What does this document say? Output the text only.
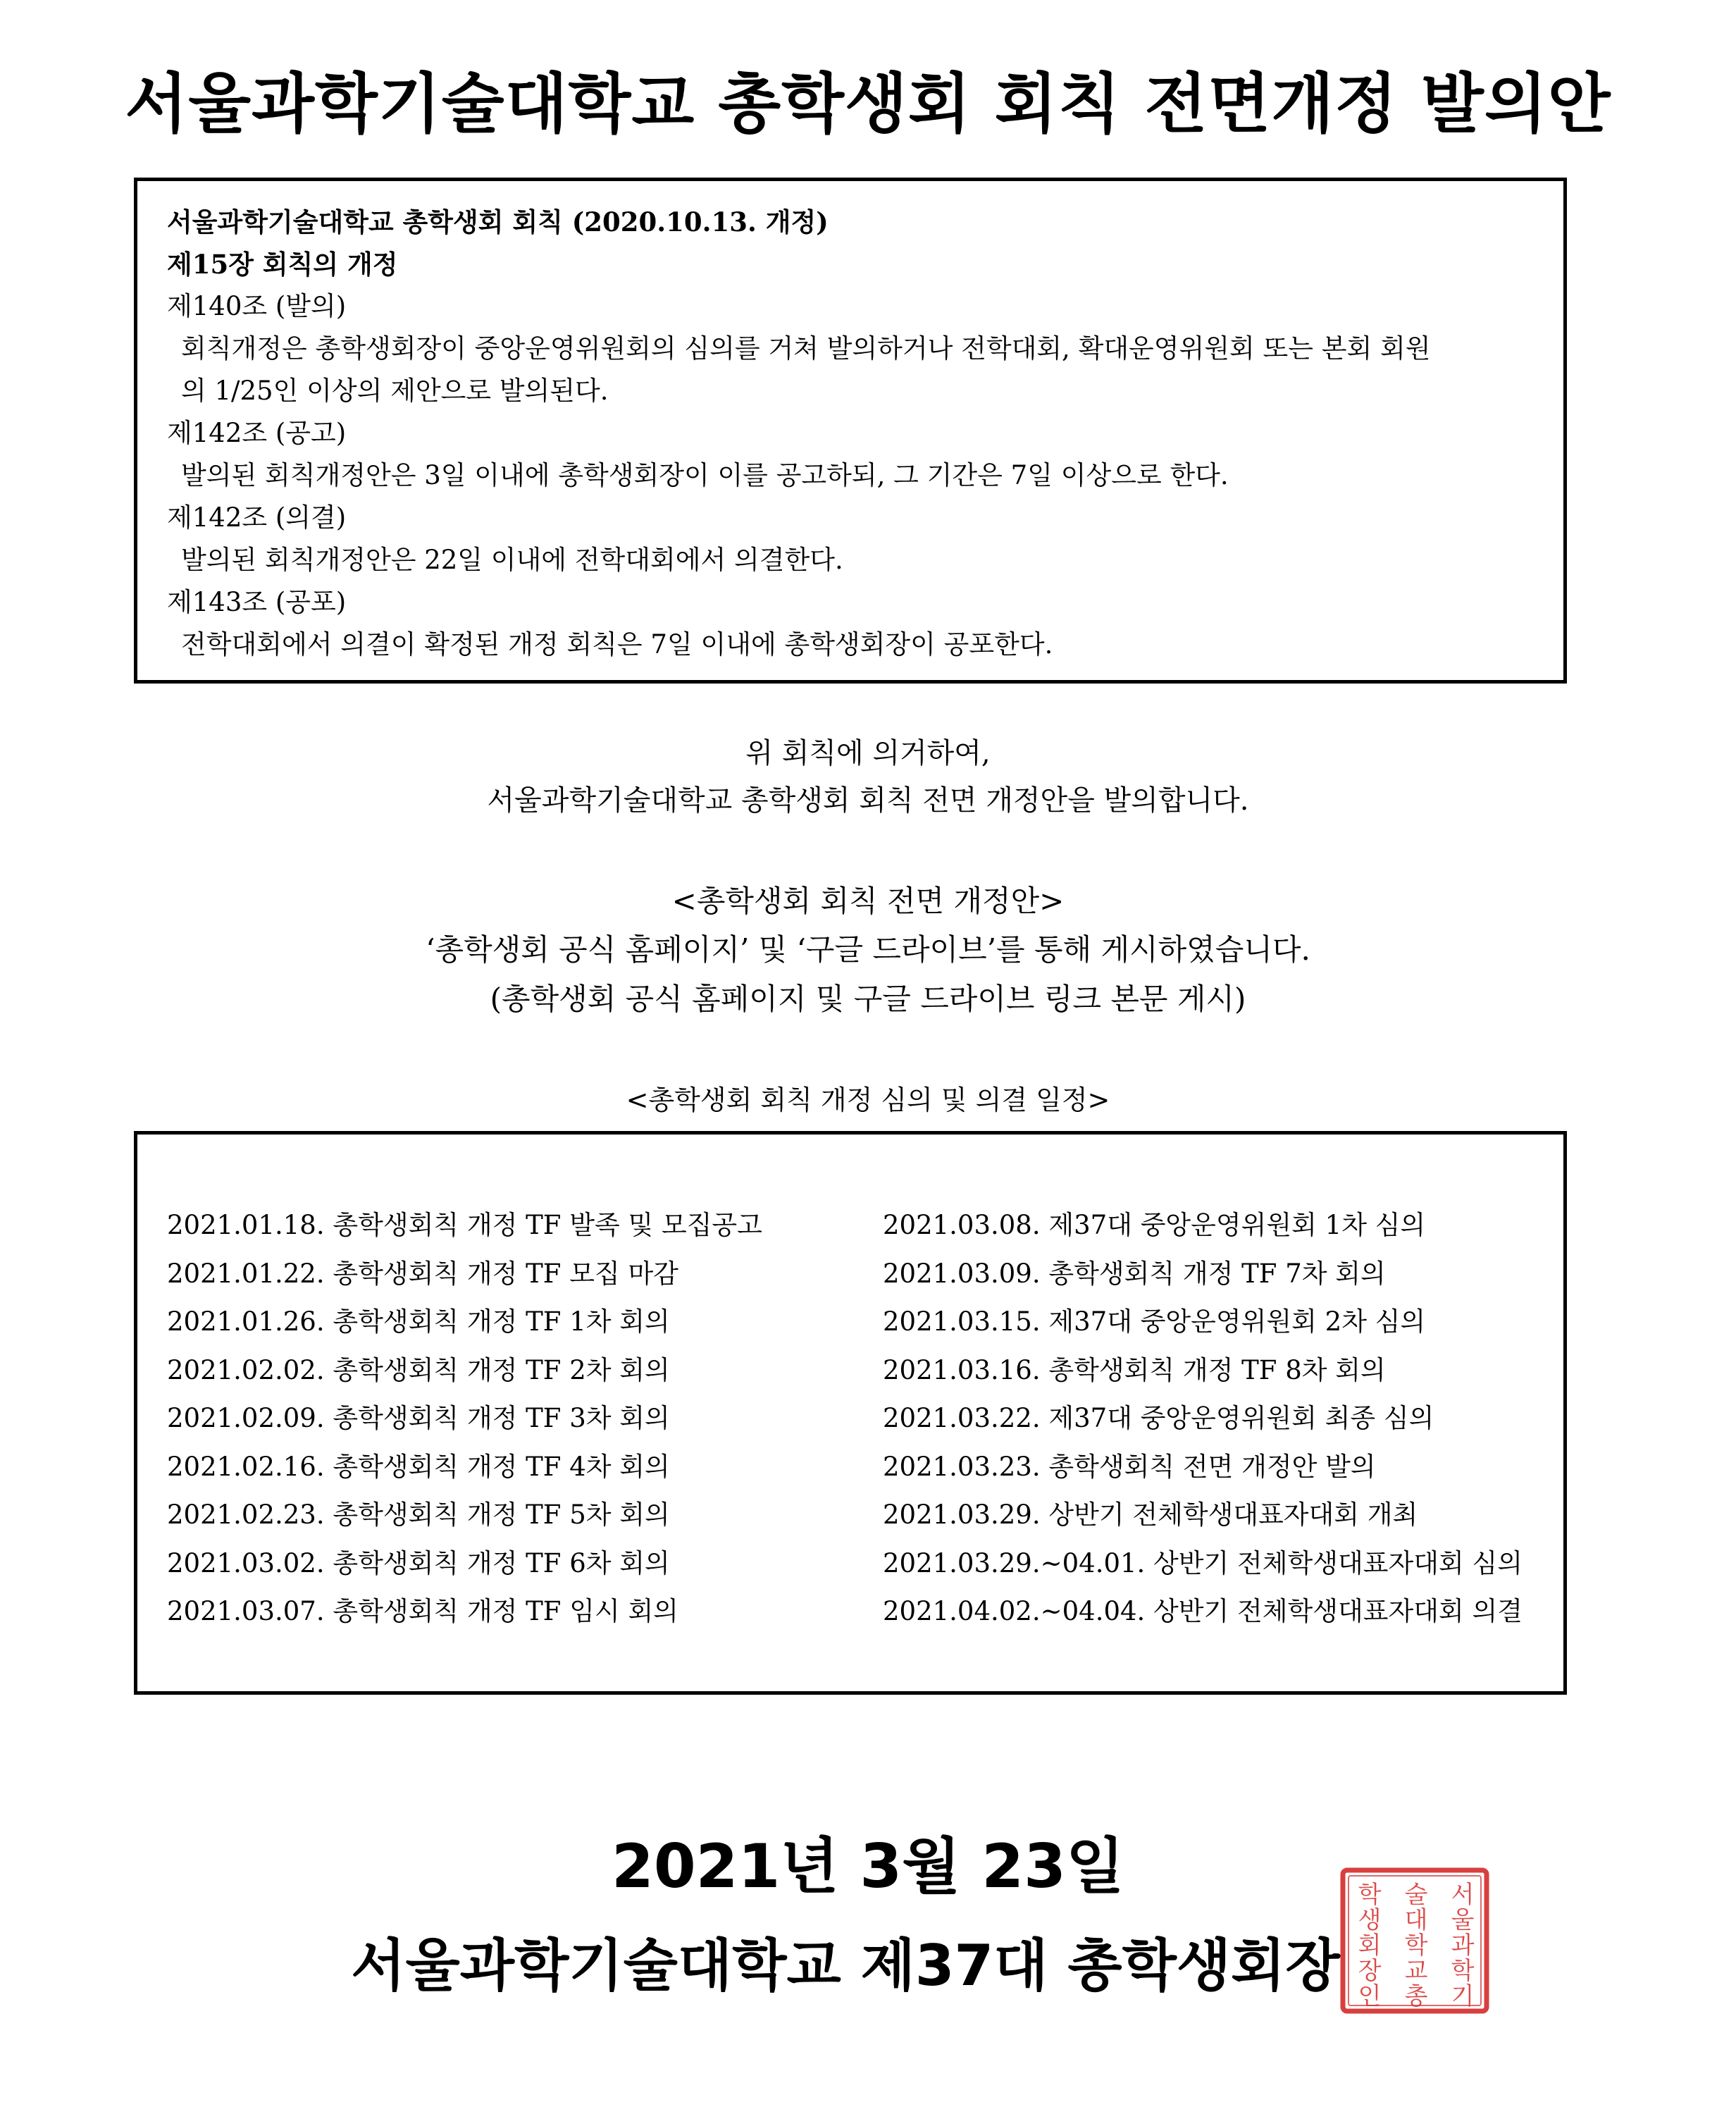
서울과학기술대학교 총학생회 회칙 전면개정 발의안
서울과학기술대학교 총학생회 회칙 (2020.10.13. 개정)
제15장 회칙의 개정
제140조 (발의)
회칙개정은 총학생회장이 중앙운영위원회의 심의를 거쳐 발의하거나 전학대회, 확대운영위원회 또는 본회 회원
의 1/25인 이상의 제안으로 발의된다.
제142조 (공고)
발의된 회칙개정안은 3일 이내에 총학생회장이 이를 공고하되, 그 기간은 7일 이상으로 한다.
제142조 (의결)
발의된 회칙개정안은 22일 이내에 전학대회에서 의결한다.
제143조 (공포)
전학대회에서 의결이 확정된 개정 회칙은 7일 이내에 총학생회장이 공포한다.
위 회칙에 의거하여,
서울과학기술대학교 총학생회 회칙 전면 개정안을 발의합니다.
<총학생회 회칙 전면 개정안>
‘총학생회 공식 홈페이지’ 및 ‘구글 드라이브’를 통해 게시하였습니다.
(총학생회 공식 홈페이지 및 구글 드라이브 링크 본문 게시)
<총학생회 회칙 개정 심의 및 의결 일정>
2021.01.18. 총학생회칙 개정 TF 발족 및 모집공고
2021.01.22. 총학생회칙 개정 TF 모집 마감
2021.01.26. 총학생회칙 개정 TF 1차 회의
2021.02.02. 총학생회칙 개정 TF 2차 회의
2021.02.09. 총학생회칙 개정 TF 3차 회의
2021.02.16. 총학생회칙 개정 TF 4차 회의
2021.02.23. 총학생회칙 개정 TF 5차 회의
2021.03.02. 총학생회칙 개정 TF 6차 회의
2021.03.07. 총학생회칙 개정 TF 임시 회의
2021.03.08. 제37대 중앙운영위원회 1차 심의
2021.03.09. 총학생회칙 개정 TF 7차 회의
2021.03.15. 제37대 중앙운영위원회 2차 심의
2021.03.16. 총학생회칙 개정 TF 8차 회의
2021.03.22. 제37대 중앙운영위원회 최종 심의
2021.03.23. 총학생회칙 전면 개정안 발의
2021.03.29. 상반기 전체학생대표자대회 개최
2021.03.29.~04.01. 상반기 전체학생대표자대회 심의
2021.04.02.~04.04. 상반기 전체학생대표자대회 의결
2021년 3월 23일
서울과학기술대학교 제37대 총학생회장
서
울
과
학
기
술
대
학
교
총
학
생
회
장
인
